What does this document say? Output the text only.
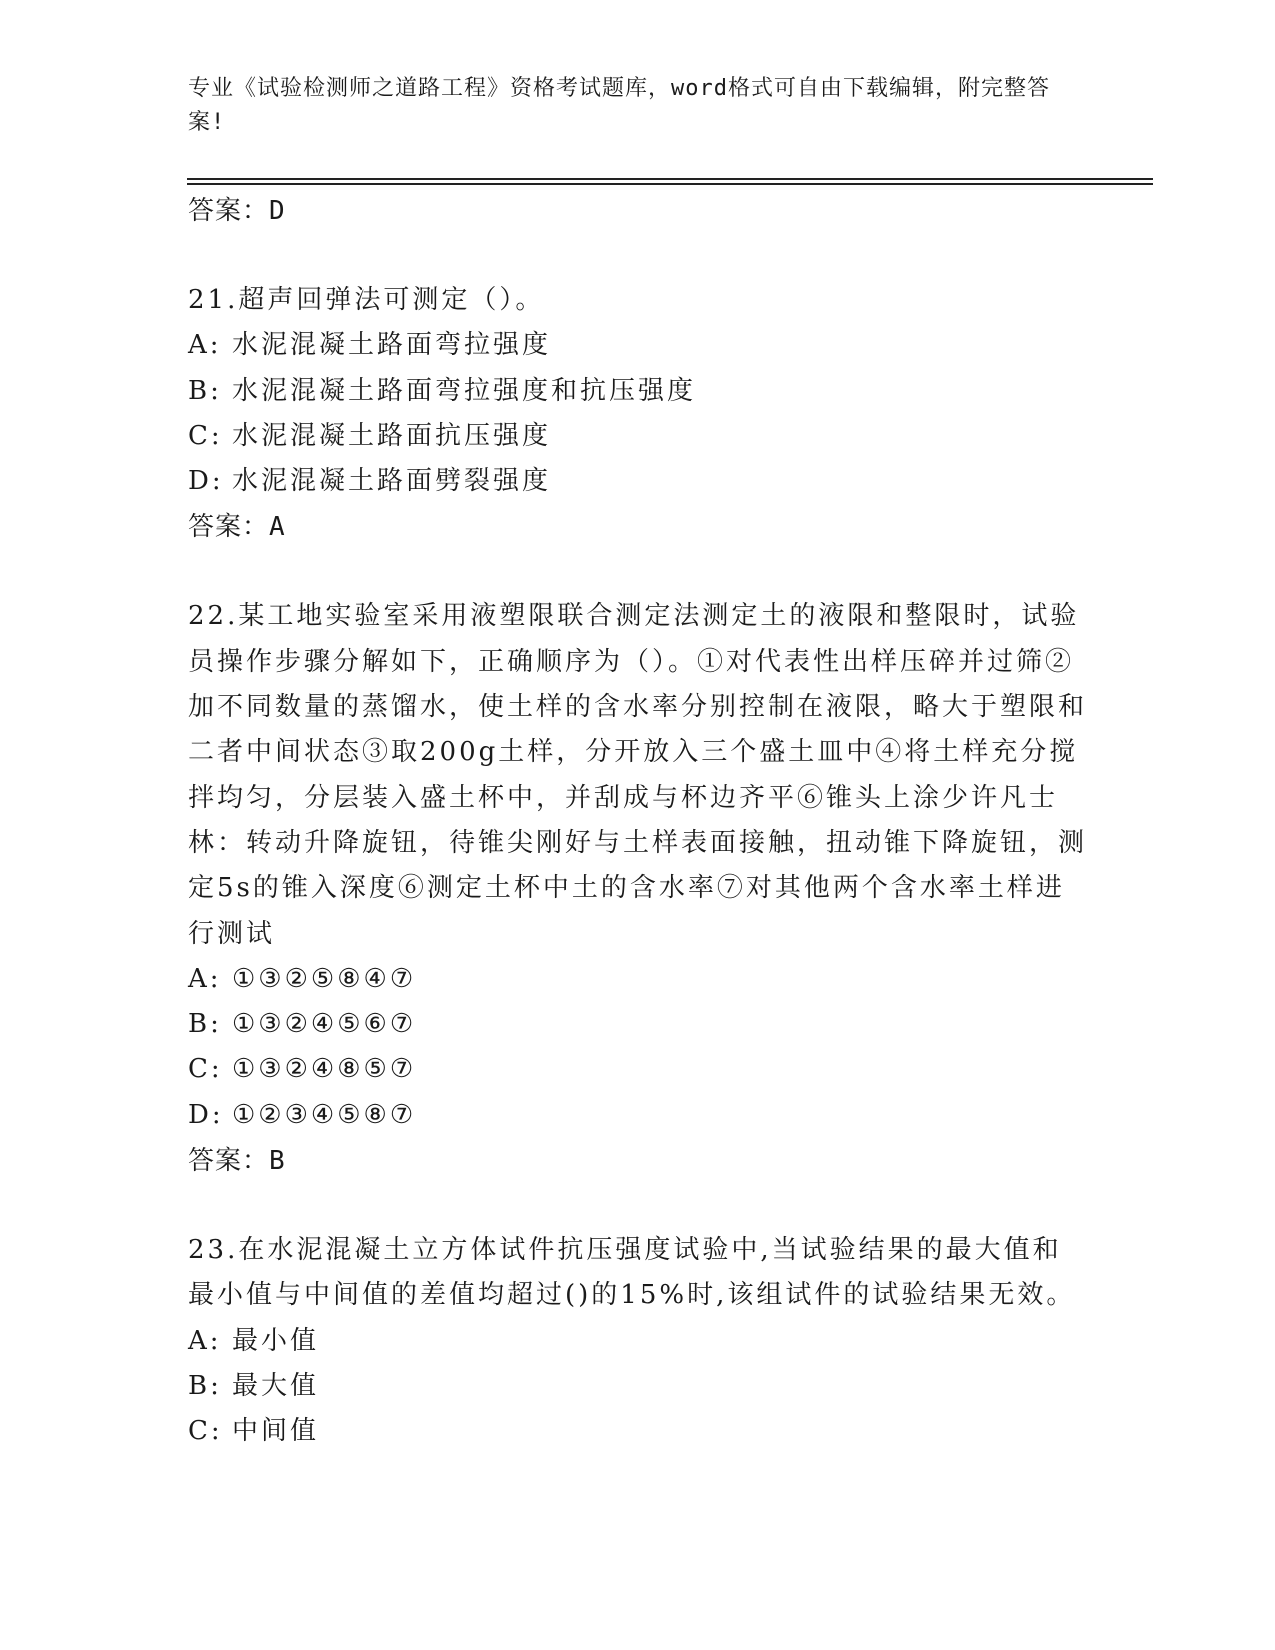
专业《试验检测师之道路工程》资格考试题库，word格式可自由下载编辑，附完整答案!
答案：D

21.超声回弹法可测定（）。

A: 水泥混凝土路面弯拉强度
B: 水泥混凝土路面弯拉强度和抗压强度
C: 水泥混凝土路面抗压强度
D: 水泥混凝土路面劈裂强度
答案：A

22.某工地实验室采用液塑限联合测定法测定土的液限和整限时，试验员操作步骤分解如下，正确顺序为（）。①对代表性出样压碎并过筛②加不同数量的蒸馏水，使土样的含水率分别控制在液限，略大于塑限和二者中间状态③取200g土样，分开放入三个盛土皿中④将土样充分搅拌均匀，分层装入盛土杯中，并刮成与杯边齐平⑥锥头上涂少许凡士林：转动升降旋钮，待锥尖刚好与土样表面接触，扭动锥下降旋钮，测定5s的锥入深度⑥测定土杯中土的含水率⑦对其他两个含水率土样进行测试

A: ①③②⑤⑧④⑦
B: ①③②④⑤⑥⑦
C: ①③②④⑧⑤⑦
D: ①②③④⑤⑧⑦
答案：B

23.在水泥混凝土立方体试件抗压强度试验中,当试验结果的最大值和最小值与中间值的差值均超过()的15%时,该组试件的试验结果无效。

A: 最小值
B: 最大值
C: 中间值
